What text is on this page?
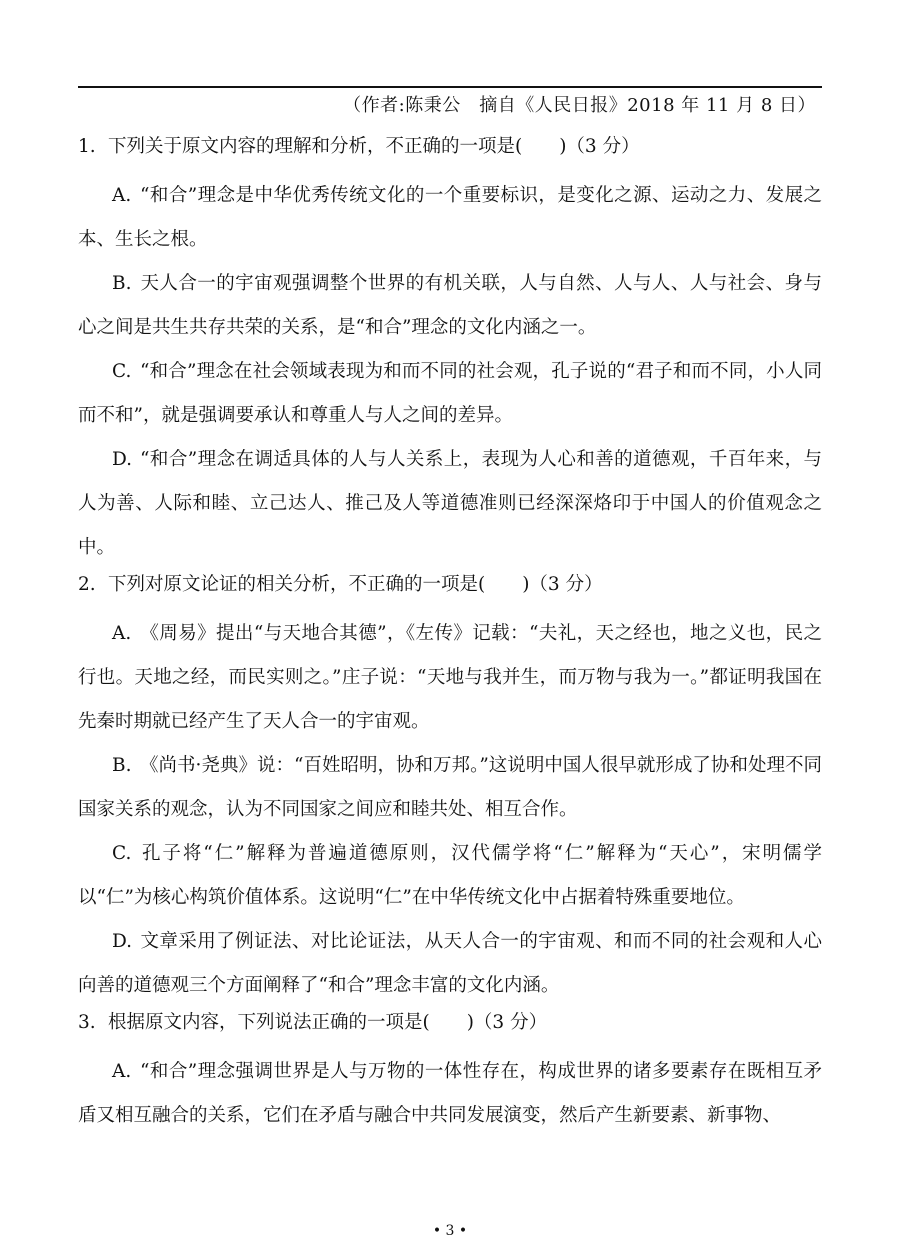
（作者:陈秉公　摘自《人民日报》2018 年 11 月 8 日）
1. 下列关于原文内容的理解和分析，不正确的一项是(　　)（3 分）

A. “和合”理念是中华优秀传统文化的一个重要标识，是变化之源、运动之力、发展之本、生长之根。

B. 天人合一的宇宙观强调整个世界的有机关联，人与自然、人与人、人与社会、身与心之间是共生共存共荣的关系，是“和合”理念的文化内涵之一。

C. “和合”理念在社会领域表现为和而不同的社会观，孔子说的“君子和而不同，小人同而不和”，就是强调要承认和尊重人与人之间的差异。

D. “和合”理念在调适具体的人与人关系上，表现为人心和善的道德观，千百年来，与人为善、人际和睦、立己达人、推己及人等道德准则已经深深烙印于中国人的价值观念之中。

2. 下列对原文论证的相关分析，不正确的一项是(　　)（3 分）

A. 《周易》提出“与天地合其德”，《左传》记载：“夫礼，天之经也，地之义也，民之行也。天地之经，而民实则之。”庄子说：“天地与我并生，而万物与我为一。”都证明我国在先秦时期就已经产生了天人合一的宇宙观。

B. 《尚书·尧典》说：“百姓昭明，协和万邦。”这说明中国人很早就形成了协和处理不同国家关系的观念，认为不同国家之间应和睦共处、相互合作。

C. 孔子将“仁”解释为普遍道德原则，汉代儒学将“仁”解释为“天心”，宋明儒学以“仁”为核心构筑价值体系。这说明“仁”在中华传统文化中占据着特殊重要地位。

D. 文章采用了例证法、对比论证法，从天人合一的宇宙观、和而不同的社会观和人心向善的道德观三个方面阐释了“和合”理念丰富的文化内涵。

3. 根据原文内容，下列说法正确的一项是(　　)（3 分）

A. “和合”理念强调世界是人与万物的一体性存在，构成世界的诸多要素存在既相互矛盾又相互融合的关系，它们在矛盾与融合中共同发展演变，然后产生新要素、新事物、

• 3 •
